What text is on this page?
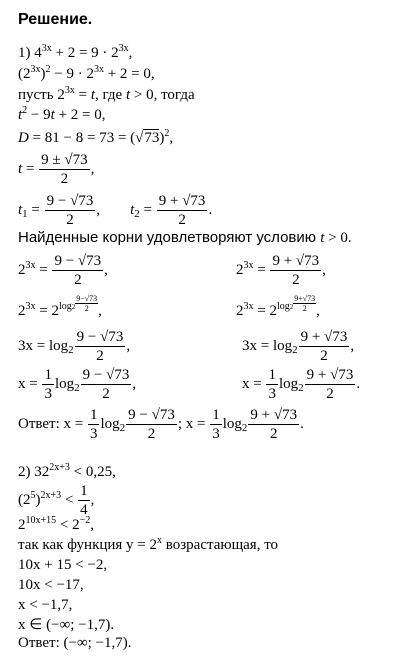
Решение.
1) $4^{3x} + 2 = 9 \cdot 2^{3x}$,
$(2^{3x})^2 - 9 \cdot 2^{3x} + 2 = 0$,
пусть $2^{3x} = t$, где t > 0, тогда
$t^2 - 9t + 2 = 0$,
$D = 81 - 8 = 73 = (√73)^2$,
$t = \frac{9 \pm √73}{2}$ ,
$t_1 = \frac{9 - √73}{2}$ , $t_2 = \frac{9 + √73}{2}$ .
Найденные корни удовлетворяют условию t > 0.
$2^{3x} = \frac{9 - √73}{2}$ ,
$2^{3x} = 2^{log2} \frac{9-√73}{2}$ ,
$3x = \log_2 \frac{9 - √73}{2}$ ,
$x = \frac{1}{3} \log_2 \frac{9 - √73}{2}$ ,
$2^{3x} = \frac{9 + √73}{2}$ ,
$2^{3x} = 2^{log2} \frac{9+√73}{2}$ ,
$3x = \log_2 \frac{9 + √73}{2}$ ,
$x = \frac{1}{3} \log_2 \frac{9 + √73}{2}$ .
Ответ: $x = \frac{1}{3} \log_2 \frac{9 - √73}{2}$ ; $x = \frac{1}{3} \log_2 \frac{9 + √73}{2}$ .
2) $32^{2x+3} < 0,25$,
$(2^5)^{2x+3} < \frac{1}{4}$ ,
$2^{10x+15} < 2^{-2}$,
так как функция $y = 2^x$ возрастающая, то
10x + 15 < −2,
10x < −17,
x < −1,7,
x ∈ (−∞; −1,7).
Ответ: (−∞; −1,7).
